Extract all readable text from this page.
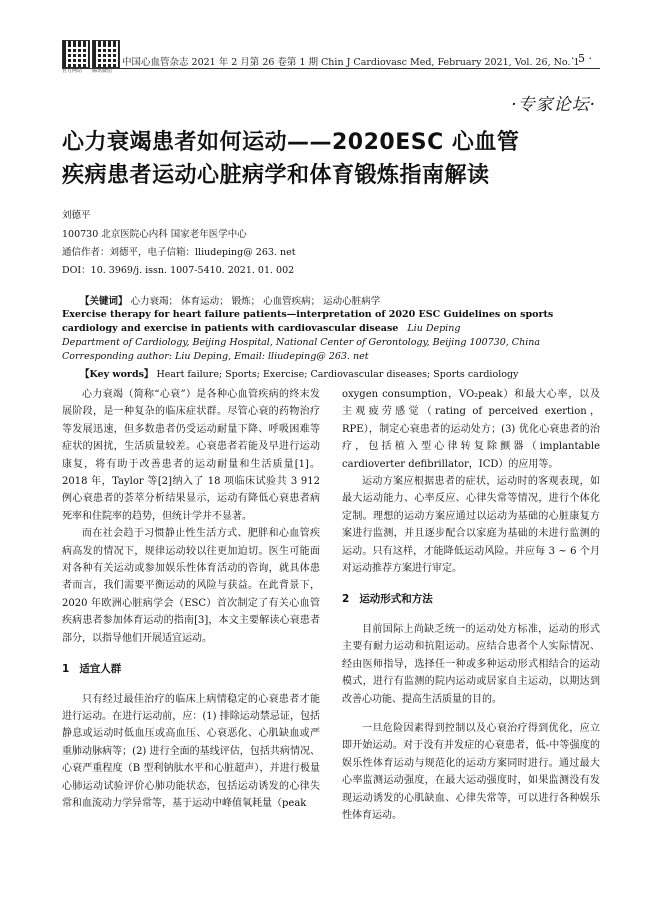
官方网站 腾讯微信
中国心血管杂志 2021 年 2 月第 26 卷第 1 期 Chin J Cardiovasc Med, February 2021, Vol. 26, No. 1
· 5 ·
·专家论坛·
心力衰竭患者如何运动——2020ESC 心血管
疾病患者运动心脏病学和体育锻炼指南解读
刘德平
100730 北京医院心内科 国家老年医学中心
通信作者：刘德平，电子信箱：lliudeping@ 263. net
DOI：10. 3969/j. issn. 1007-5410. 2021. 01. 002
【关键词】 心力衰竭； 体育运动； 锻炼； 心血管疾病； 运动心脏病学
Exercise therapy for heart failure patients—interpretation of 2020 ESC Guidelines on sports
cardiology and exercise in patients with cardiovascular disease Liu Deping
Department of Cardiology, Beijing Hospital, National Center of Gerontology, Beijing 100730, China
Corresponding author: Liu Deping, Email: lliudeping@ 263. net
【Key words】 Heart failure; Sports; Exercise; Cardiovascular diseases; Sports cardiology

心力衰竭（简称“心衰”）是各种心血管疾病的终末发展阶段，是一种复杂的临床症状群。尽管心衰的药物治疗等发展迅速，但多数患者仍受运动耐量下降、呼吸困难等症状的困扰，生活质量较差。心衰患者若能及早进行运动康复，将有助于改善患者的运动耐量和生活质量[1]。2018 年，Taylor 等[2]纳入了 18 项临床试验共 3 912 例心衰患者的荟萃分析结果显示，运动有降低心衰患者病死率和住院率的趋势，但统计学并不显著。

而在社会趋于习惯静止性生活方式、肥胖和心血管疾病高发的情况下，规律运动较以往更加迫切。医生可能面对各种有关运动或参加娱乐性体育活动的咨询，就具体患者而言，我们需要平衡运动的风险与获益。在此背景下，2020 年欧洲心脏病学会（ESC）首次制定了有关心血管疾病患者参加体育运动的指南[3]，本文主要解读心衰患者部分，以指导他们开展适宜运动。

1 适宜人群

只有经过最佳治疗的临床上病情稳定的心衰患者才能进行运动。在进行运动前，应：(1) 排除运动禁忌证，包括静息或运动时低血压或高血压、心衰恶化、心肌缺血或严重肺动脉病等；(2) 进行全面的基线评估，包括共病情况、心衰严重程度（B 型利钠肽水平和心脏超声），并进行极量心肺运动试验评价心肺功能状态，包括运动诱发的心律失常和血流动力学异常等，基于运动中峰值氧耗量（peak

oxygen consumption，VO₂peak）和最大心率，以及主观疲劳感觉（rating of perceived exertion，RPE），制定心衰患者的运动处方；(3) 优化心衰患者的治疗，包括植入型心律转复除颤器（implantable cardioverter defibrillator，ICD）的应用等。

运动方案应根据患者的症状，运动时的客观表现，如最大运动能力、心率反应、心律失常等情况，进行个体化定制。理想的运动方案应通过以运动为基础的心脏康复方案进行监测，并且逐步配合以家庭为基础的未进行监测的运动。只有这样，才能降低运动风险。并应每 3 ~ 6 个月对运动推荐方案进行审定。

2 运动形式和方法

目前国际上尚缺乏统一的运动处方标准，运动的形式主要有耐力运动和抗阻运动。应结合患者个人实际情况、经由医师指导，选择任一种或多种运动形式相结合的运动模式，进行有监测的院内运动或居家自主运动，以期达到改善心功能、提高生活质量的目的。

一旦危险因素得到控制以及心衰治疗得到优化，应立即开始运动。对于没有并发症的心衰患者，低-中等强度的娱乐性体育运动与规范化的运动方案同时进行。通过最大心率监测运动强度，在最大运动强度时，如果监测没有发现运动诱发的心肌缺血、心律失常等，可以进行各种娱乐性体育运动。
